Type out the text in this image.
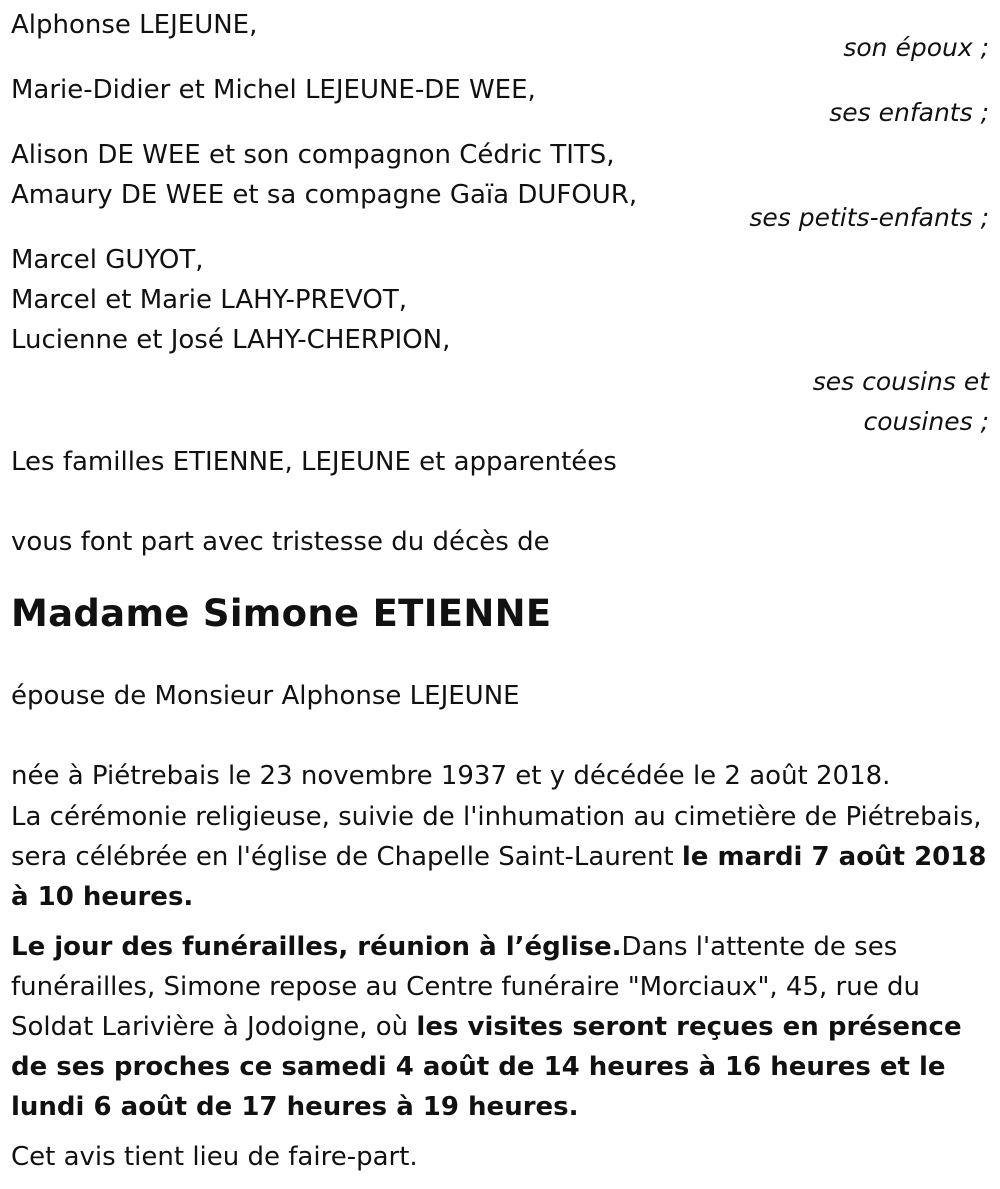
Alphonse LEJEUNE,
son époux ;
Marie-Didier et Michel LEJEUNE-DE WEE,
ses enfants ;
Alison DE WEE et son compagnon Cédric TITS,
Amaury DE WEE et sa compagne Gaïa DUFOUR,
ses petits-enfants ;
Marcel GUYOT,
Marcel et Marie LAHY-PREVOT,
Lucienne et José LAHY-CHERPION,
ses cousins et
cousines ;
Les familles ETIENNE, LEJEUNE et apparentées
vous font part avec tristesse du décès de
Madame Simone ETIENNE
épouse de Monsieur Alphonse LEJEUNE
née à Piétrebais le 23 novembre 1937 et y décédée le 2 août 2018.

La cérémonie religieuse, suivie de l'inhumation au cimetière de Piétrebais, sera célébrée en l'église de Chapelle Saint-Laurent le mardi 7 août 2018 à 10 heures.

Le jour des funérailles, réunion à l’église.Dans l'attente de ses funérailles, Simone repose au Centre funéraire "Morciaux", 45, rue du Soldat Larivière à Jodoigne, où les visites seront reçues en présence de ses proches ce samedi 4 août de 14 heures à 16 heures et le lundi 6 août de 17 heures à 19 heures.

Cet avis tient lieu de faire-part.
